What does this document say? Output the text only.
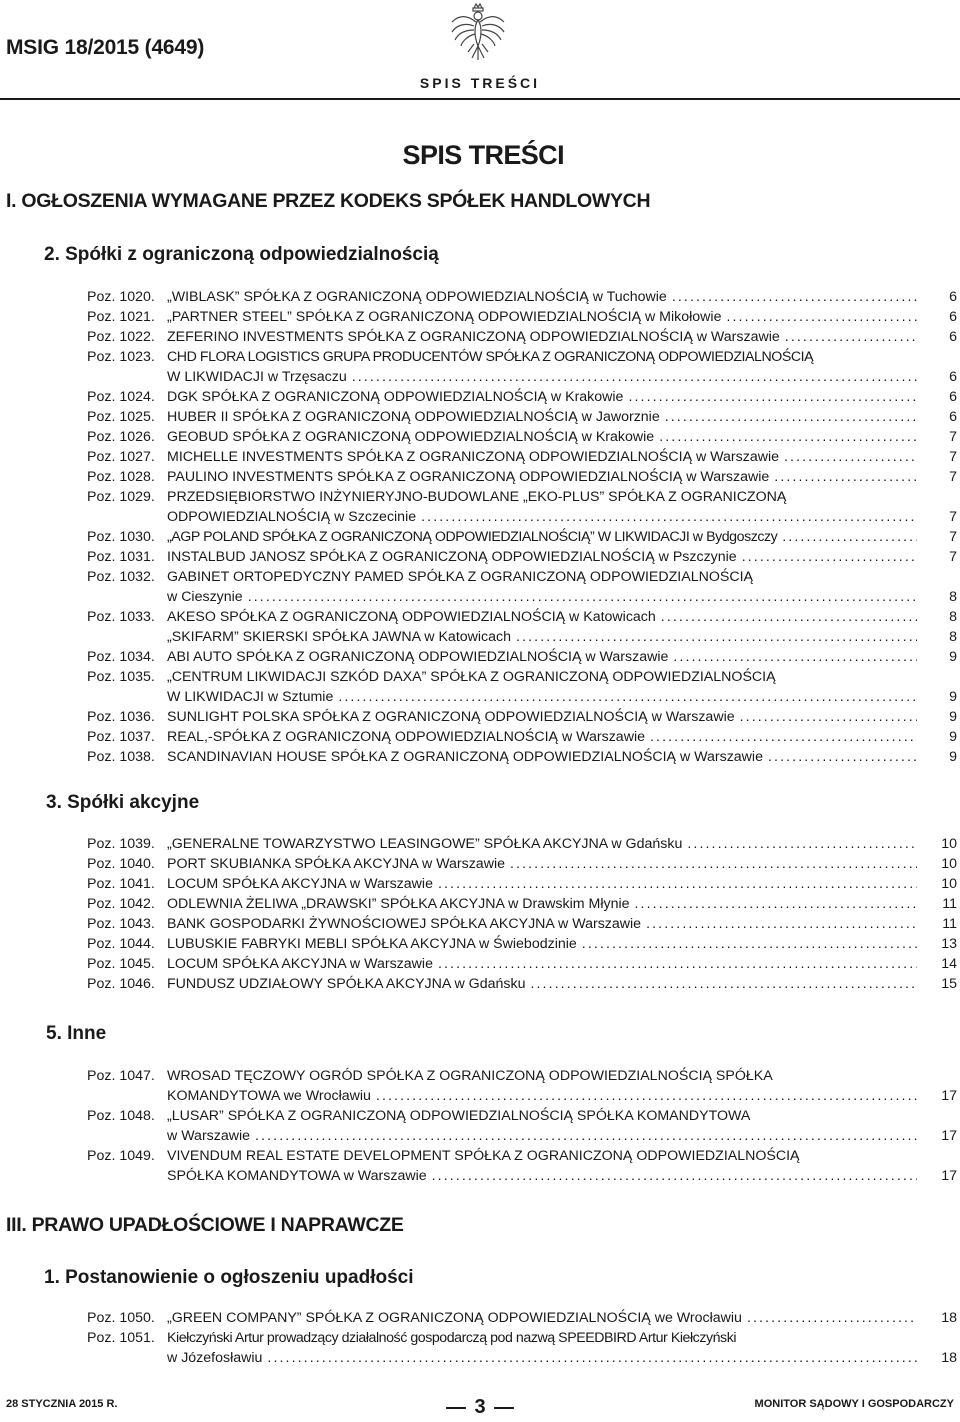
MSIG 18/2015 (4649)
SPIS TREŚCI
SPIS TREŚCI
I. OGŁOSZENIA WYMAGANE PRZEZ KODEKS SPÓŁEK HANDLOWYCH
2. Spółki z ograniczoną odpowiedzialnością
Poz. 1020. „WIBLASK” SPÓŁKA Z OGRANICZONĄ ODPOWIEDZIALNOŚCIĄ w Tuchowie .....	6
Poz. 1021. „PARTNER STEEL” SPÓŁKA Z OGRANICZONĄ ODPOWIEDZIALNOŚCIĄ w Mikołowie .....	6
Poz. 1022. ZEFERINO INVESTMENTS SPÓŁKA Z OGRANICZONĄ ODPOWIEDZIALNOŚCIĄ w Warszawie .....	6
Poz. 1023. CHD FLORA LOGISTICS GRUPA PRODUCENTÓW SPÓŁKA Z OGRANICZONĄ ODPOWIEDZIALNOŚCIĄ
W LIKWIDACJI w Trzęsaczu .....	6
Poz. 1024. DGK SPÓŁKA Z OGRANICZONĄ ODPOWIEDZIALNOŚCIĄ w Krakowie .....	6
Poz. 1025. HUBER II SPÓŁKA Z OGRANICZONĄ ODPOWIEDZIALNOŚCIĄ w Jaworznie .....	6
Poz. 1026. GEOBUD SPÓŁKA Z OGRANICZONĄ ODPOWIEDZIALNOŚCIĄ w Krakowie .....	7
Poz. 1027. MICHELLE INVESTMENTS SPÓŁKA Z OGRANICZONĄ ODPOWIEDZIALNOŚCIĄ w Warszawie .....	7
Poz. 1028. PAULINO INVESTMENTS SPÓŁKA Z OGRANICZONĄ ODPOWIEDZIALNOŚCIĄ w Warszawie .....	7
Poz. 1029. PRZEDSIĘBIORSTWO INŻYNIERYJNO-BUDOWLANE „EKO-PLUS” SPÓŁKA Z OGRANICZONĄ
ODPOWIEDZIALNOŚCIĄ w Szczecinie .....	7
Poz. 1030. „AGP POLAND SPÓŁKA Z OGRANICZONĄ ODPOWIEDZIALNOŚCIĄ” W LIKWIDACJI w Bydgoszczy .....	7
Poz. 1031. INSTALBUD JANOSZ SPÓŁKA Z OGRANICZONĄ ODPOWIEDZIALNOŚCIĄ w Pszczynie .....	7
Poz. 1032. GABINET ORTOPEDYCZNY PAMED SPÓŁKA Z OGRANICZONĄ ODPOWIEDZIALNOŚCIĄ
w Cieszynie .....	8
Poz. 1033. AKESO SPÓŁKA Z OGRANICZONĄ ODPOWIEDZIALNOŚCIĄ w Katowicach .....	8
„SKIFARM” SKIERSKI SPÓŁKA JAWNA w Katowicach .....	8
Poz. 1034. ABI AUTO SPÓŁKA Z OGRANICZONĄ ODPOWIEDZIALNOŚCIĄ w Warszawie .....	9
Poz. 1035. „CENTRUM LIKWIDACJI SZKÓD DAXA” SPÓŁKA Z OGRANICZONĄ ODPOWIEDZIALNOŚCIĄ
W LIKWIDACJI w Sztumie .....	9
Poz. 1036. SUNLIGHT POLSKA SPÓŁKA Z OGRANICZONĄ ODPOWIEDZIALNOŚCIĄ w Warszawie .....	9
Poz. 1037. REAL,-SPÓŁKA Z OGRANICZONĄ ODPOWIEDZIALNOŚCIĄ w Warszawie .....	9
Poz. 1038. SCANDINAVIAN HOUSE SPÓŁKA Z OGRANICZONĄ ODPOWIEDZIALNOŚCIĄ w Warszawie .....	9
3. Spółki akcyjne
Poz. 1039. „GENERALNE TOWARZYSTWO LEASINGOWE” SPÓŁKA AKCYJNA w Gdańsku .....	10
Poz. 1040. PORT SKUBIANKA SPÓŁKA AKCYJNA w Warszawie .....	10
Poz. 1041. LOCUM SPÓŁKA AKCYJNA w Warszawie .....	10
Poz. 1042. ODLEWNIA ŻELIWA „DRAWSKI” SPÓŁKA AKCYJNA w Drawskim Młynie .....	11
Poz. 1043. BANK GOSPODARKI ŻYWNOŚCIOWEJ SPÓŁKA AKCYJNA w Warszawie .....	11
Poz. 1044. LUBUSKIE FABRYKI MEBLI SPÓŁKA AKCYJNA w Świebodzinie .....	13
Poz. 1045. LOCUM SPÓŁKA AKCYJNA w Warszawie .....	14
Poz. 1046. FUNDUSZ UDZIAŁOWY SPÓŁKA AKCYJNA w Gdańsku .....	15
5. Inne
Poz. 1047. WROSAD TĘCZOWY OGRÓD SPÓŁKA Z OGRANICZONĄ ODPOWIEDZIALNOŚCIĄ SPÓŁKA
KOMANDYTOWA we Wrocławiu .....	17
Poz. 1048. „LUSAR” SPÓŁKA Z OGRANICZONĄ ODPOWIEDZIALNOŚCIĄ SPÓŁKA KOMANDYTOWA
w Warszawie .....	17
Poz. 1049. VIVENDUM REAL ESTATE DEVELOPMENT SPÓŁKA Z OGRANICZONĄ ODPOWIEDZIALNOŚCIĄ
SPÓŁKA KOMANDYTOWA w Warszawie .....	17
III. PRAWO UPADŁOŚCIOWE I NAPRAWCZE
1. Postanowienie o ogłoszeniu upadłości
Poz. 1050. „GREEN COMPANY” SPÓŁKA Z OGRANICZONĄ ODPOWIEDZIALNOŚCIĄ we Wrocławiu .....	18
Poz. 1051. Kiełczyński Artur prowadzący działalność gospodarczą pod nazwą SPEEDBIRD Artur Kiełczyński
w Józefosławiu .....	18
28 STYCZNIA 2015 R.	3	MONITOR SĄDOWY I GOSPODARCZY
